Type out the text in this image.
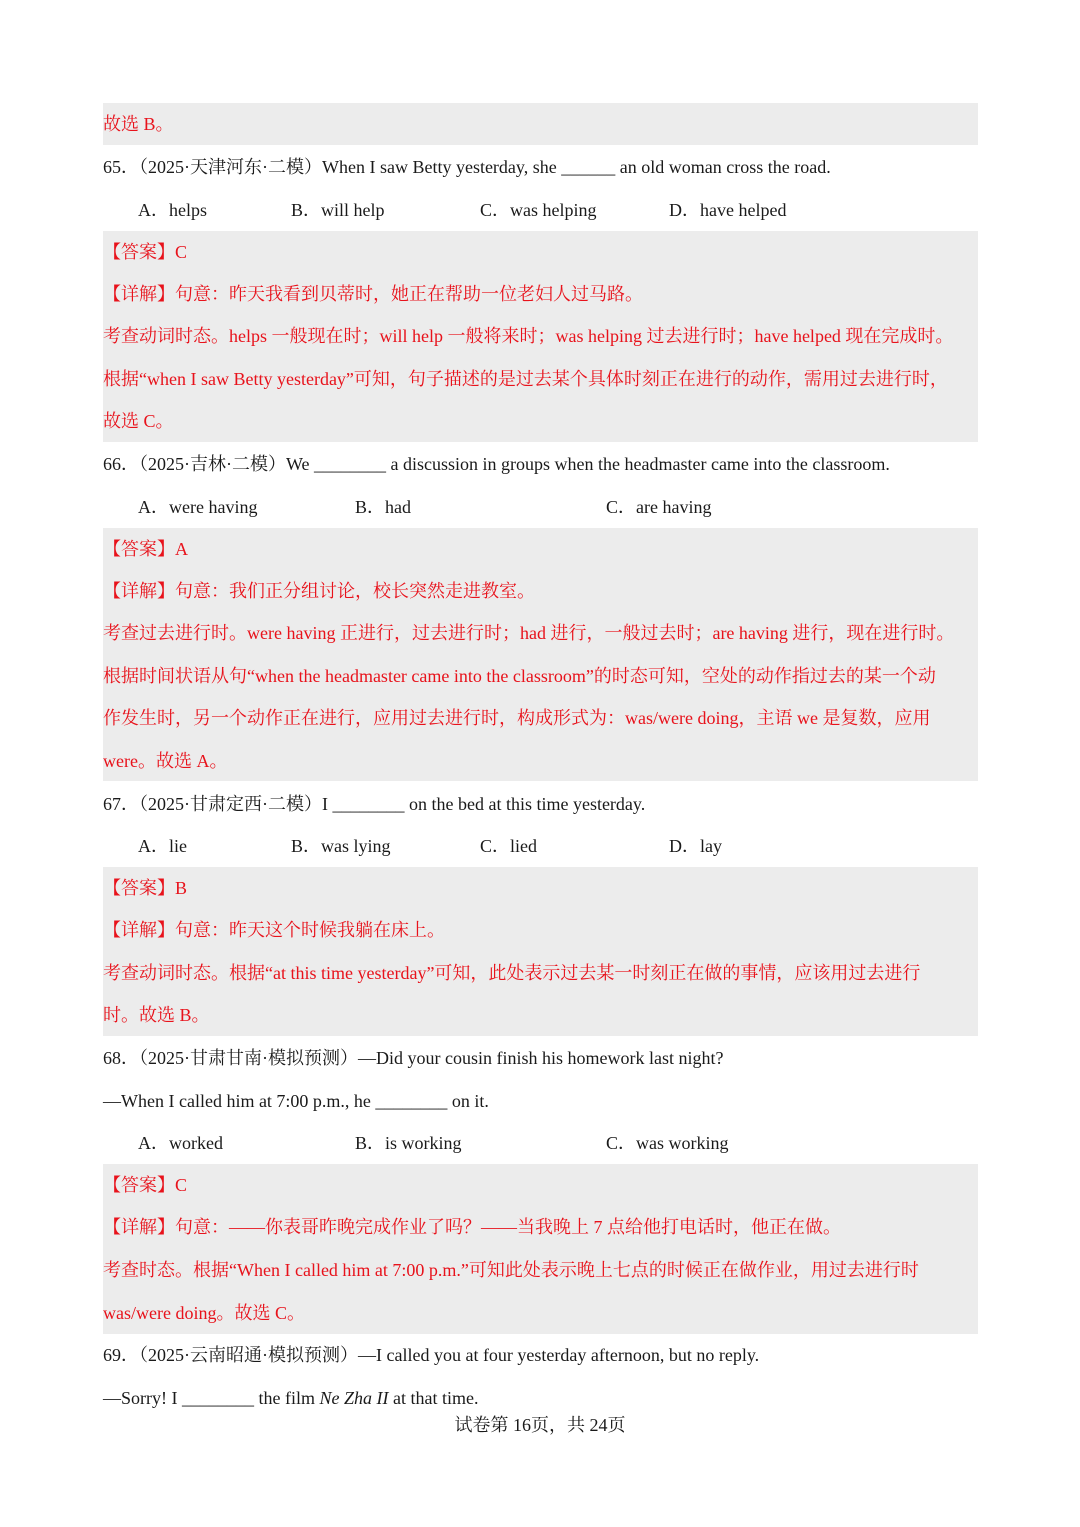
故选 B。
65．（2025·天津河东·二模）When I saw Betty yesterday, she ______ an old woman cross the road.
A．helps	B．will help	C．was helping	D．have helped
【答案】C
【详解】句意：昨天我看到贝蒂时，她正在帮助一位老妇人过马路。
考查动词时态。helps 一般现在时；will help 一般将来时；was helping 过去进行时；have helped 现在完成时。
根据“when I saw Betty yesterday”可知，句子描述的是过去某个具体时刻正在进行的动作，需用过去进行时，
故选 C。
66．（2025·吉林·二模）We ________ a discussion in groups when the headmaster came into the classroom.
A．were having	B．had	C．are having
【答案】A
【详解】句意：我们正分组讨论，校长突然走进教室。
考查过去进行时。were having 正进行，过去进行时；had 进行，一般过去时；are having 进行，现在进行时。
根据时间状语从句“when the headmaster came into the classroom”的时态可知，空处的动作指过去的某一个动
作发生时，另一个动作正在进行，应用过去进行时，构成形式为：was/were doing，主语 we 是复数，应用
were。故选 A。
67．（2025·甘肃定西·二模）I ________ on the bed at this time yesterday.
A．lie	B．was lying	C．lied	D．lay
【答案】B
【详解】句意：昨天这个时候我躺在床上。
考查动词时态。根据“at this time yesterday”可知，此处表示过去某一时刻正在做的事情，应该用过去进行
时。故选 B。
68．（2025·甘肃甘南·模拟预测）—Did your cousin finish his homework last night?
—When I called him at 7:00 p.m., he ________ on it.
A．worked	B．is working	C．was working
【答案】C
【详解】句意：——你表哥昨晚完成作业了吗？——当我晚上 7 点给他打电话时，他正在做。
考查时态。根据“When I called him at 7:00 p.m.”可知此处表示晚上七点的时候正在做作业，用过去进行时
was/were doing。故选 C。
69．（2025·云南昭通·模拟预测）—I called you at four yesterday afternoon, but no reply.
—Sorry! I ________ the film Ne Zha II at that time.
试卷第 16页，共 24页
